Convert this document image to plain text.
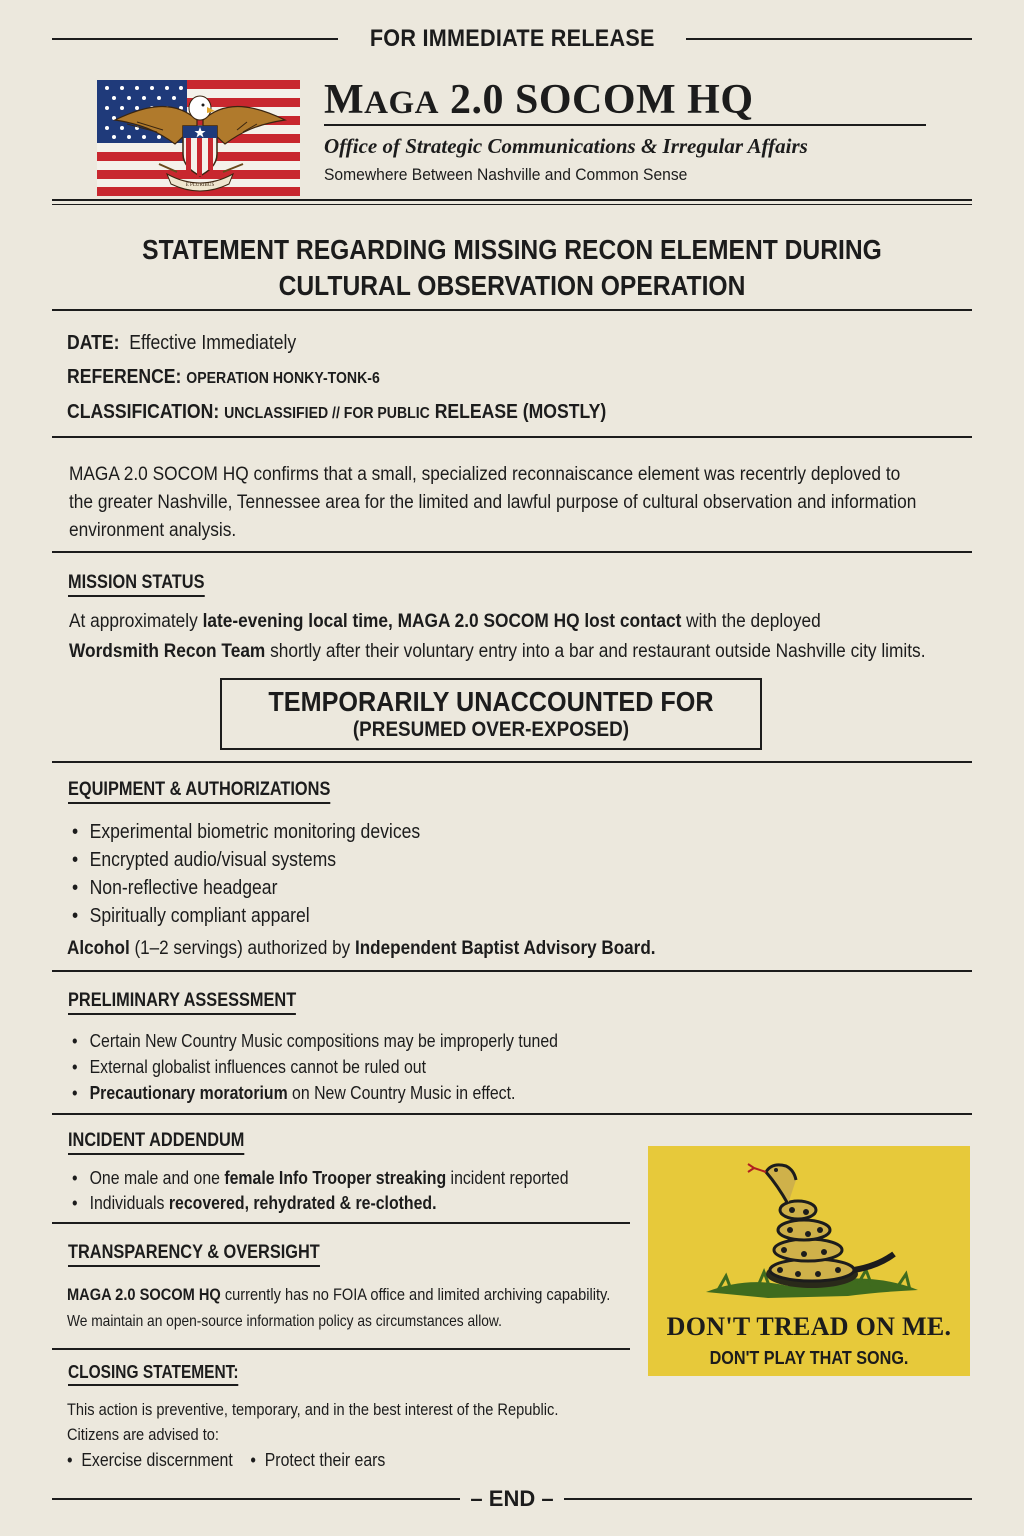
FOR IMMEDIATE RELEASE
E PLURIBUS
MAGA 2.0 SOCOM HQ
Office of Strategic Communications & Irregular Affairs
Somewhere Between Nashville and Common Sense
STATEMENT REGARDING MISSING RECON ELEMENT DURING
CULTURAL OBSERVATION OPERATION
DATE: Effective Immediately
REFERENCE: OPERATION HONKY-TONK-6
CLASSIFICATION: UNCLASSIFIED // FOR PUBLIC RELEASE (MOSTLY)
MAGA 2.0 SOCOM HQ confirms that a small, specialized reconnaiscance element was recentrly deploved to
the greater Nashville, Tennessee area for the limited and lawful purpose of cultural observation and information
environment analysis.
MISSION STATUS
At approximately late-evening local time, MAGA 2.0 SOCOM HQ lost contact with the deployed
Wordsmith Recon Team shortly after their voluntary entry into a bar and restaurant outside Nashville city limits.
TEMPORARILY UNACCOUNTED FOR
(PRESUMED OVER-EXPOSED)
EQUIPMENT & AUTHORIZATIONS
• Experimental biometric monitoring devices
• Encrypted audio/visual systems
• Non-reflective headgear
• Spiritually compliant apparel
Alcohol (1–2 servings) authorized by Independent Baptist Advisory Board.
PRELIMINARY ASSESSMENT
• Certain New Country Music compositions may be improperly tuned
• External globalist influences cannot be ruled out
• Precautionary moratorium on New Country Music in effect.
INCIDENT ADDENDUM
• One male and one female Info Trooper streaking incident reported
• Individuals recovered, rehydrated & re-clothed.
TRANSPARENCY & OVERSIGHT
MAGA 2.0 SOCOM HQ currently has no FOIA office and limited archiving capability.
We maintain an open-source information policy as circumstances allow.
CLOSING STATEMENT:
This action is preventive, temporary, and in the best interest of the Republic.
Citizens are advised to:
•  Exercise discernment    •  Protect their ears
DON'T TREAD ON ME.
DON'T PLAY THAT SONG.
– END –
